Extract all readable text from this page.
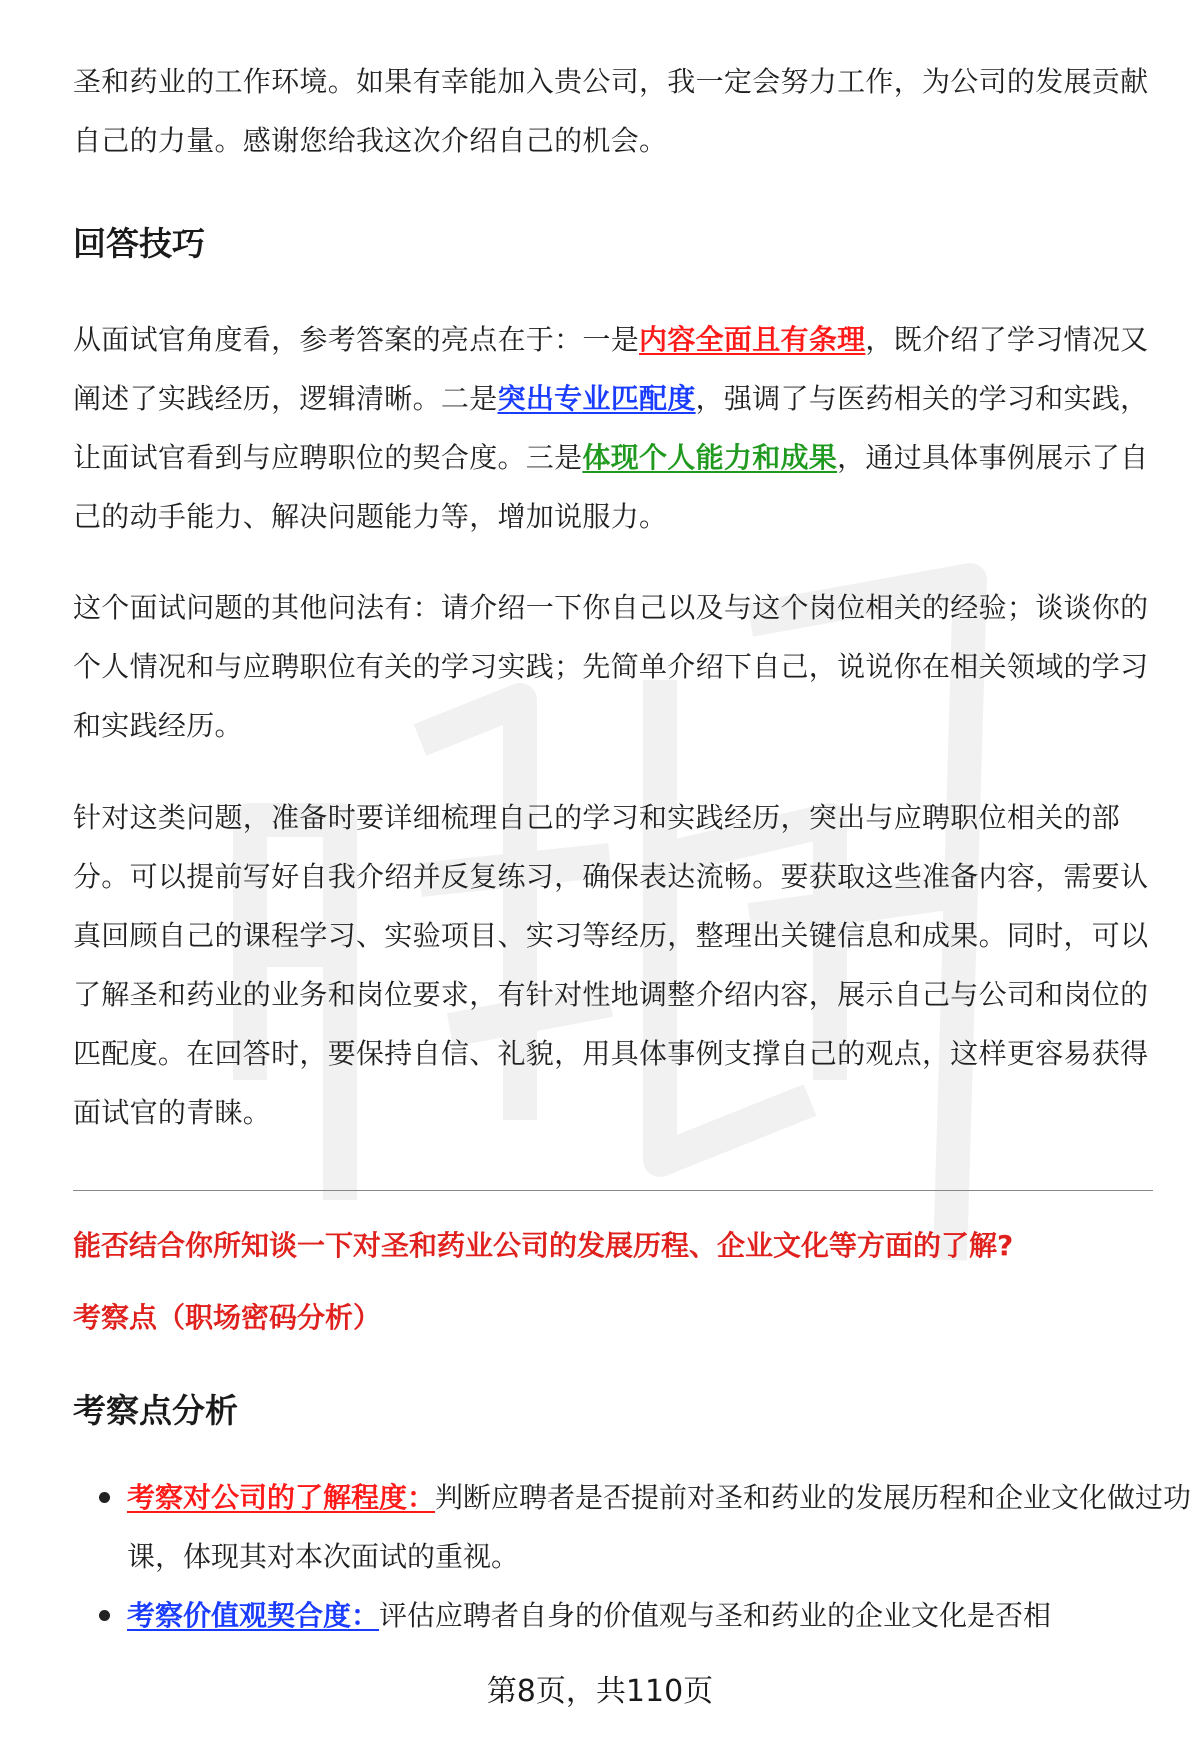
圣和药业的工作环境。如果有幸能加入贵公司，我一定会努力工作，为公司的发展贡献自己的力量。感谢您给我这次介绍自己的机会。

回答技巧

从面试官角度看，参考答案的亮点在于：一是内容全面且有条理，既介绍了学习情况又阐述了实践经历，逻辑清晰。二是突出专业匹配度，强调了与医药相关的学习和实践，让面试官看到与应聘职位的契合度。三是体现个人能力和成果，通过具体事例展示了自己的动手能力、解决问题能力等，增加说服力。

这个面试问题的其他问法有：请介绍一下你自己以及与这个岗位相关的经验；谈谈你的个人情况和与应聘职位有关的学习实践；先简单介绍下自己，说说你在相关领域的学习和实践经历。

针对这类问题，准备时要详细梳理自己的学习和实践经历，突出与应聘职位相关的部分。可以提前写好自我介绍并反复练习，确保表达流畅。要获取这些准备内容，需要认真回顾自己的课程学习、实验项目、实习等经历，整理出关键信息和成果。同时，可以了解圣和药业的业务和岗位要求，有针对性地调整介绍内容，展示自己与公司和岗位的匹配度。在回答时，要保持自信、礼貌，用具体事例支撑自己的观点，这样更容易获得面试官的青睐。

能否结合你所知谈一下对圣和药业公司的发展历程、企业文化等方面的了解?

考察点（职场密码分析）

考察点分析
考察对公司的了解程度：判断应聘者是否提前对圣和药业的发展历程和企业文化做过功课，体现其对本次面试的重视。
考察价值观契合度：评估应聘者自身的价值观与圣和药业的企业文化是否相
第8页，共110页
